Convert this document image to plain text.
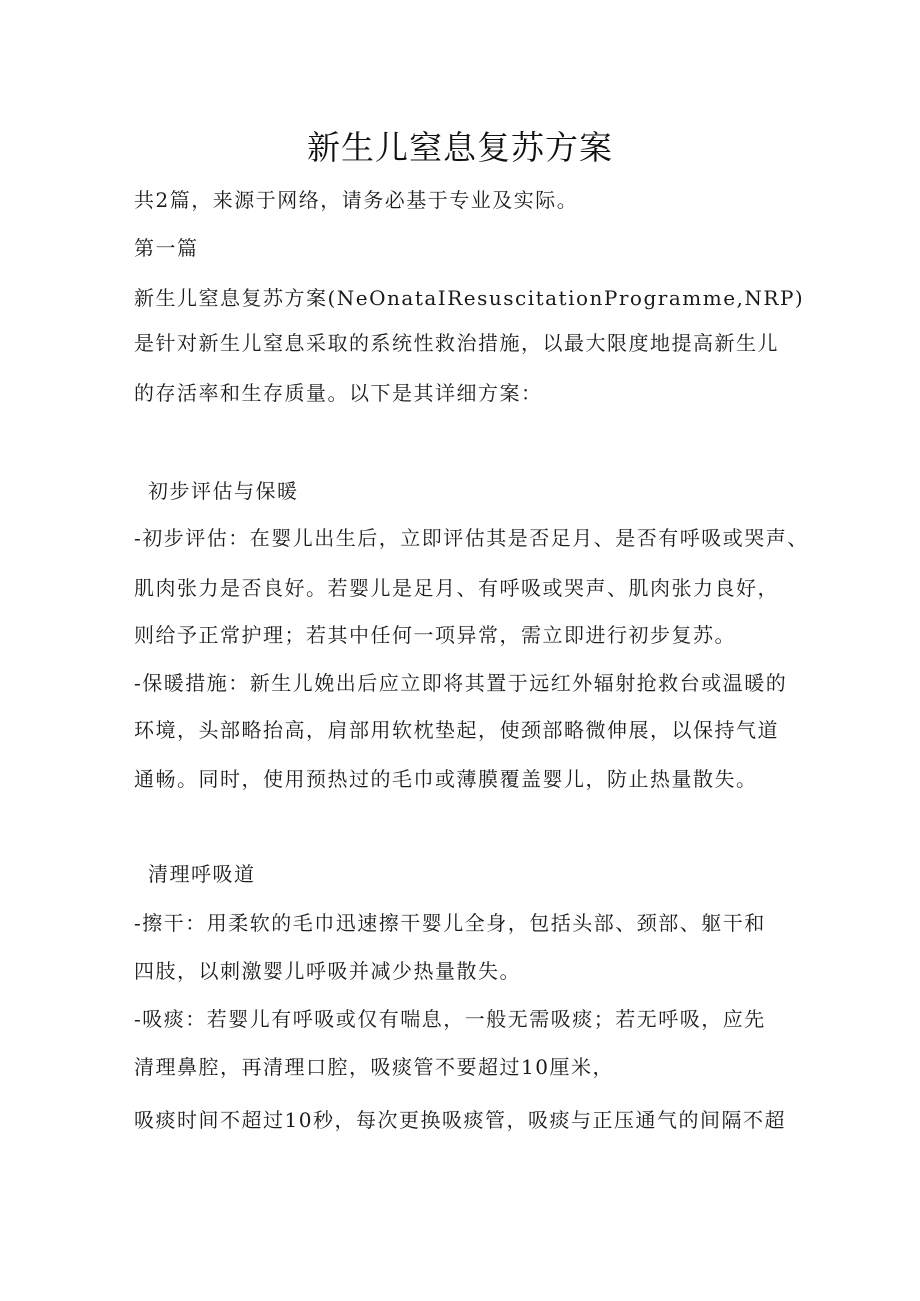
新生儿窒息复苏方案
共2篇，来源于网络，请务必基于专业及实际。
第一篇
新生儿窒息复苏方案(NeOnataIResuscitationProgramme,NRP)
是针对新生儿窒息采取的系统性救治措施，以最大限度地提高新生儿
的存活率和生存质量。以下是其详细方案：
初步评估与保暖
-初步评估：在婴儿出生后，立即评估其是否足月、是否有呼吸或哭声、
肌肉张力是否良好。若婴儿是足月、有呼吸或哭声、肌肉张力良好，
则给予正常护理；若其中任何一项异常，需立即进行初步复苏。
-保暖措施：新生儿娩出后应立即将其置于远红外辐射抢救台或温暖的
环境，头部略抬高，肩部用软枕垫起，使颈部略微伸展，以保持气道
通畅。同时，使用预热过的毛巾或薄膜覆盖婴儿，防止热量散失。
清理呼吸道
-擦干：用柔软的毛巾迅速擦干婴儿全身，包括头部、颈部、躯干和
四肢，以刺激婴儿呼吸并减少热量散失。
-吸痰：若婴儿有呼吸或仅有喘息，一般无需吸痰；若无呼吸，应先
清理鼻腔，再清理口腔，吸痰管不要超过10厘米，
吸痰时间不超过10秒，每次更换吸痰管，吸痰与正压通气的间隔不超
